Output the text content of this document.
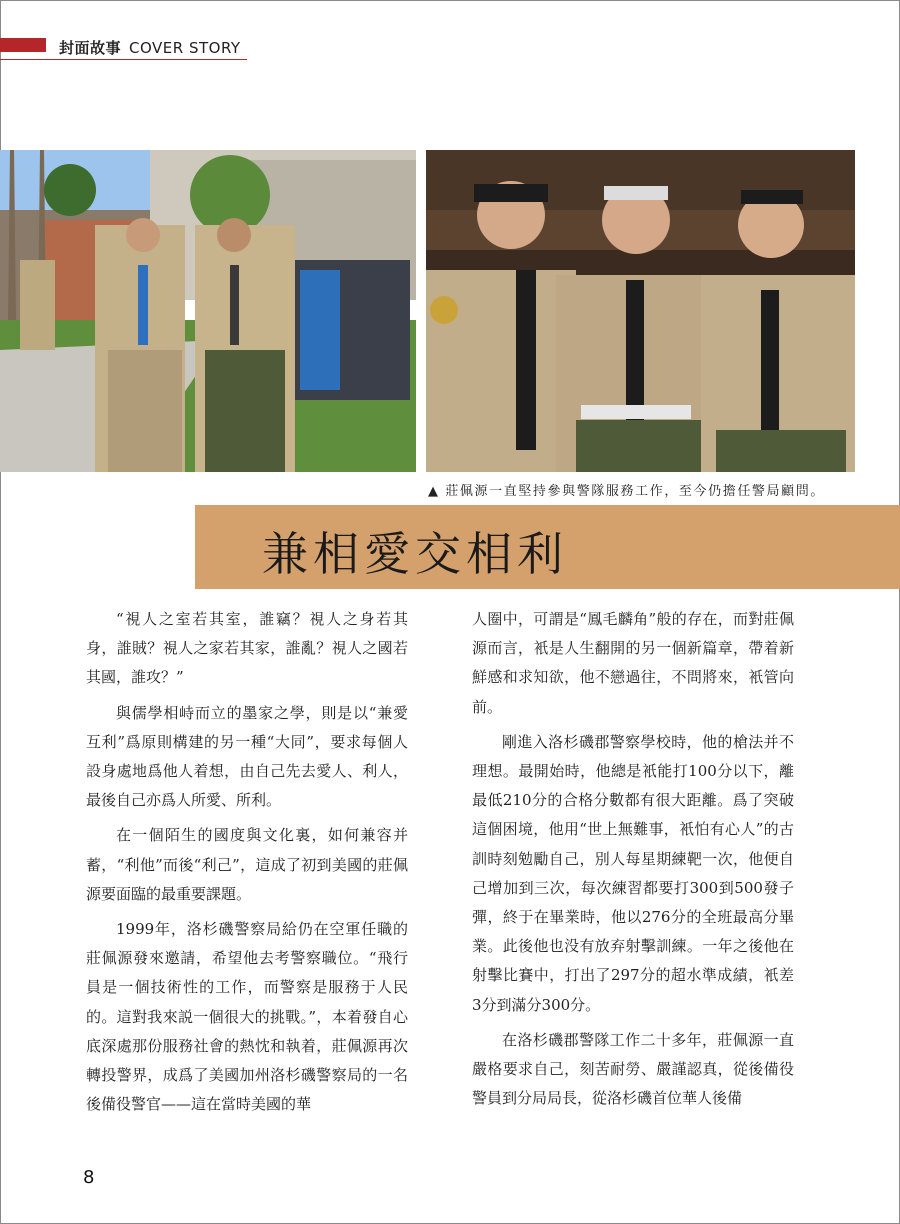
封面故事 COVER STORY
▲ 莊佩源一直堅持參與警隊服務工作，至今仍擔任警局顧問。
兼相愛交相利

“視人之室若其室，誰竊？視人之身若其身，誰賊？視人之家若其家，誰亂？視人之國若其國，誰攻？”

與儒學相峙而立的墨家之學，則是以“兼愛互利”爲原則構建的另一種“大同”，要求每個人設身處地爲他人着想，由自己先去愛人、利人，最後自己亦爲人所愛、所利。

在一個陌生的國度與文化裏，如何兼容并蓄，“利他”而後“利己”，這成了初到美國的莊佩源要面臨的最重要課題。

1999年，洛杉磯警察局給仍在空軍任職的莊佩源發來邀請，希望他去考警察職位。“飛行員是一個技術性的工作，而警察是服務于人民的。這對我來説一個很大的挑戰。”，本着發自心底深處那份服務社會的熱忱和執着，莊佩源再次轉投警界，成爲了美國加州洛杉磯警察局的一名後備役警官——這在當時美國的華

人圈中，可謂是“鳳毛麟角”般的存在，而對莊佩源而言，衹是人生翻開的另一個新篇章，帶着新鮮感和求知欲，他不戀過往，不問將來，衹管向前。

剛進入洛杉磯郡警察學校時，他的槍法并不理想。最開始時，他總是衹能打100分以下，離最低210分的合格分數都有很大距離。爲了突破這個困境，他用“世上無難事，衹怕有心人”的古訓時刻勉勵自己，別人每星期練靶一次，他便自己增加到三次，每次練習都要打300到500發子彈，終于在畢業時，他以276分的全班最高分畢業。此後他也没有放弃射擊訓練。一年之後他在射擊比賽中，打出了297分的超水準成績，衹差3分到滿分300分。

在洛杉磯郡警隊工作二十多年，莊佩源一直嚴格要求自己，刻苦耐勞、嚴謹認真，從後備役警員到分局局長，從洛杉磯首位華人後備

8
